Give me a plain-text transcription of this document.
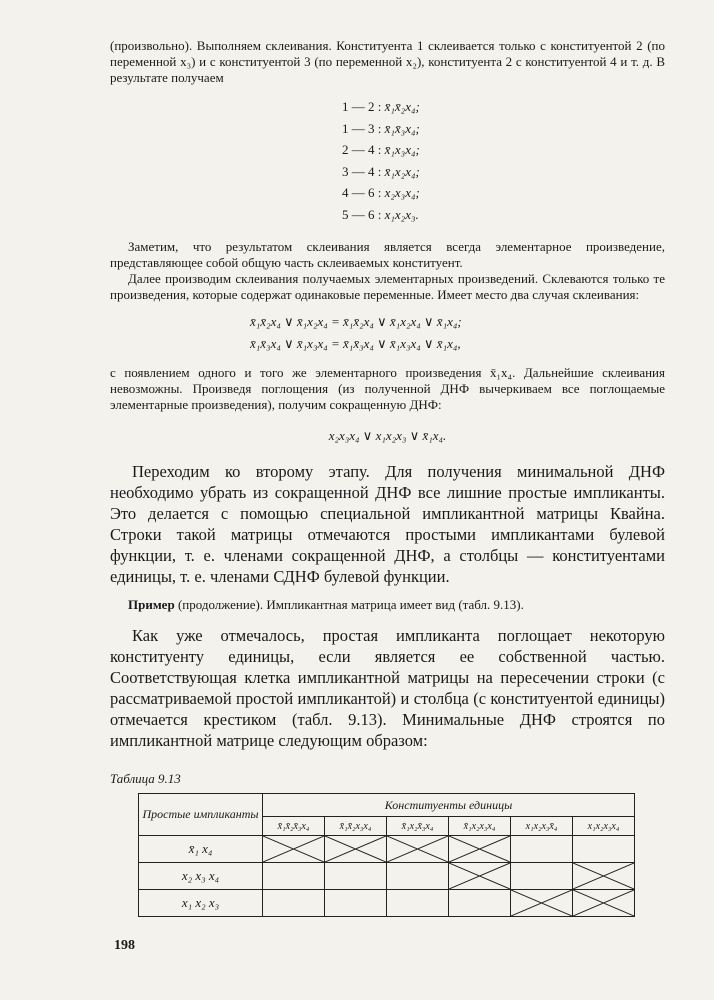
(произвольно). Выполняем склеивания. Конституента 1 склеивается только с конституентой 2 (по переменной x₃) и с конституентой 3 (по переменной x₂), конституента 2 с конституентой 4 и т. д. В результате получаем

1 — 2 : x̄₁x̄₂x₄;
1 — 3 : x̄₁x̄₃x₄;
2 — 4 : x̄₁x₃x₄;
3 — 4 : x̄₁x₂x₄;
4 — 6 : x₂x₃x₄;
5 — 6 : x₁x₂x₃.

Заметим, что результатом склеивания является всегда элементарное произведение, представляющее собой общую часть склеиваемых конституент.

Далее производим склеивания получаемых элементарных произведений. Склеваются только те произведения, которые содержат одинаковые переменные. Имеет место два случая склеивания:

x̄₁x̄₂x₄ ∨ x̄₁x₂x₄ = x̄₁x̄₂x₄ ∨ x̄₁x₂x₄ ∨ x̄₁x₄;
x̄₁x̄₃x₄ ∨ x̄₁x₃x₄ = x̄₁x̄₃x₄ ∨ x̄₁x₃x₄ ∨ x̄₁x₄,

с появлением одного и того же элементарного произведения x̄₁x₄. Дальнейшие склеивания невозможны. Произведя поглощения (из полученной ДНФ вычеркиваем все поглощаемые элементарные произведения), получим сокращенную ДНФ:

x₂x₃x₄ ∨ x₁x₂x₃ ∨ x̄₁x₄.

Переходим ко второму этапу. Для получения минимальной ДНФ необходимо убрать из сокращенной ДНФ все лишние простые импликанты. Это делается с помощью специальной импликантной матрицы Квайна. Строки такой матрицы отмечаются простыми импликантами булевой функции, т. е. членами сокращенной ДНФ, а столбцы — конституентами единицы, т. е. членами СДНФ булевой функции.

Пример (продолжение). Импликантная матрица имеет вид (табл. 9.13).

Как уже отмечалось, простая импликанта поглощает некоторую конституенту единицы, если является ее собственной частью. Соответствующая клетка импликантной матрицы на пересечении строки (с рассматриваемой простой импликантой) и столбца (с конституентой единицы) отмечается крестиком (табл. 9.13). Минимальные ДНФ строятся по импликантной матрице следующим образом:

Таблица 9.13
Простые импликанты	Конституенты единицы					
	x̄₁x̄₂x̄₃x₄	x̄₁x̄₂x₃x₄	x̄₁x₂x̄₃x₄	x̄₁x₂x₃x₄	x₁x₂x₃x̄₄	x₁x₂x₃x₄
x̄₁ x₄	

x₂ x₃ x₄				

x₁ x₂ x₃					

198
